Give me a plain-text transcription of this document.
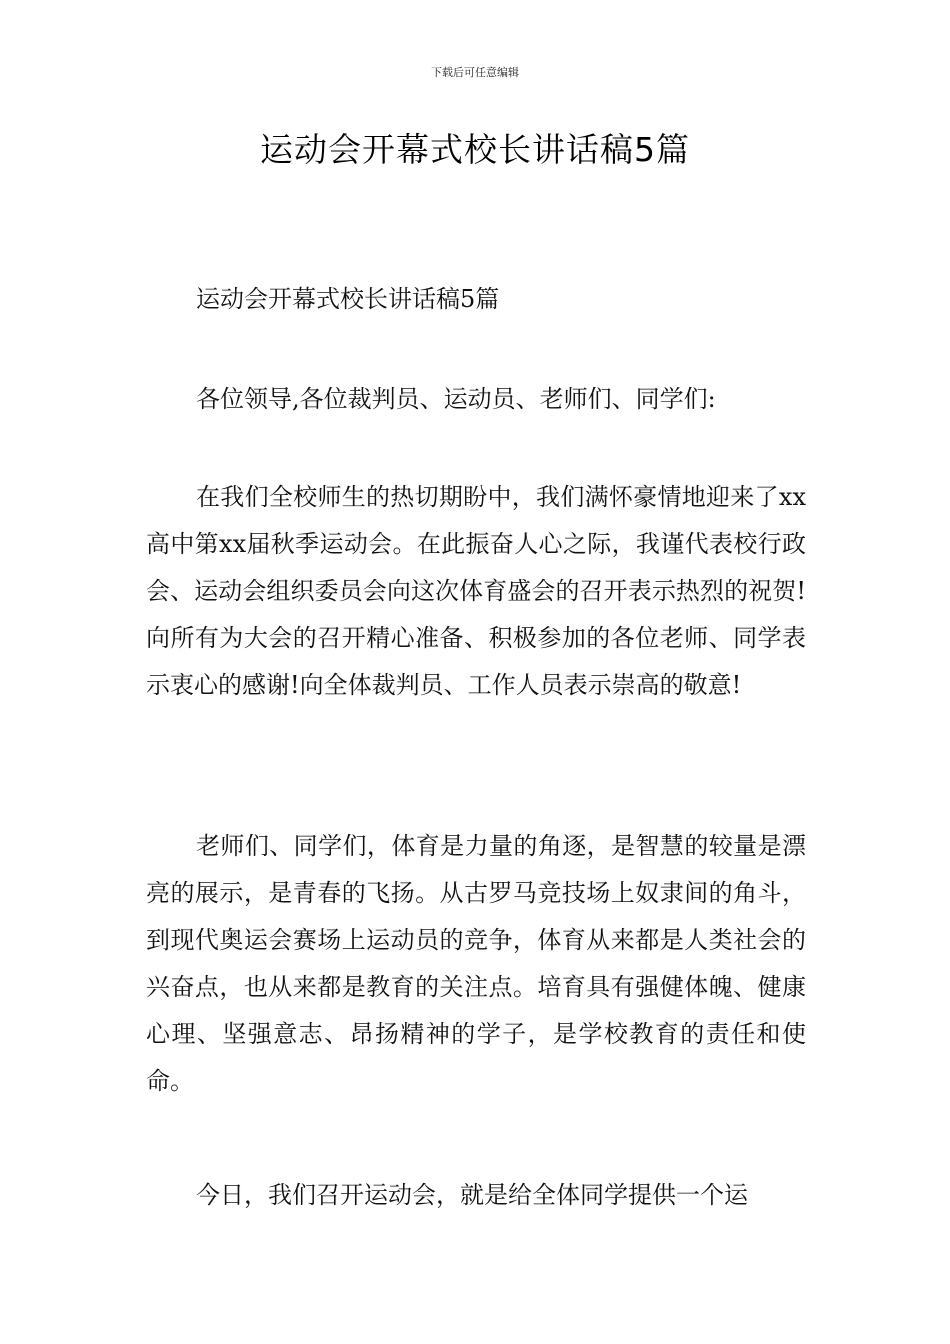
下载后可任意编辑
运动会开幕式校长讲话稿5篇
运动会开幕式校长讲话稿5篇
各位领导,各位裁判员、运动员、老师们、同学们:
在我们全校师生的热切期盼中，我们满怀豪情地迎来了xx高中第xx届秋季运动会。在此振奋人心之际，我谨代表校行政会、运动会组织委员会向这次体育盛会的召开表示热烈的祝贺!向所有为大会的召开精心准备、积极参加的各位老师、同学表示衷心的感谢!向全体裁判员、工作人员表示崇高的敬意!
老师们、同学们，体育是力量的角逐，是智慧的较量是漂亮的展示，是青春的飞扬。从古罗马竞技场上奴隶间的角斗，到现代奥运会赛场上运动员的竞争，体育从来都是人类社会的兴奋点，也从来都是教育的关注点。培育具有强健体魄、健康心理、坚强意志、昂扬精神的学子，是学校教育的责任和使命。
今日，我们召开运动会，就是给全体同学提供一个运
